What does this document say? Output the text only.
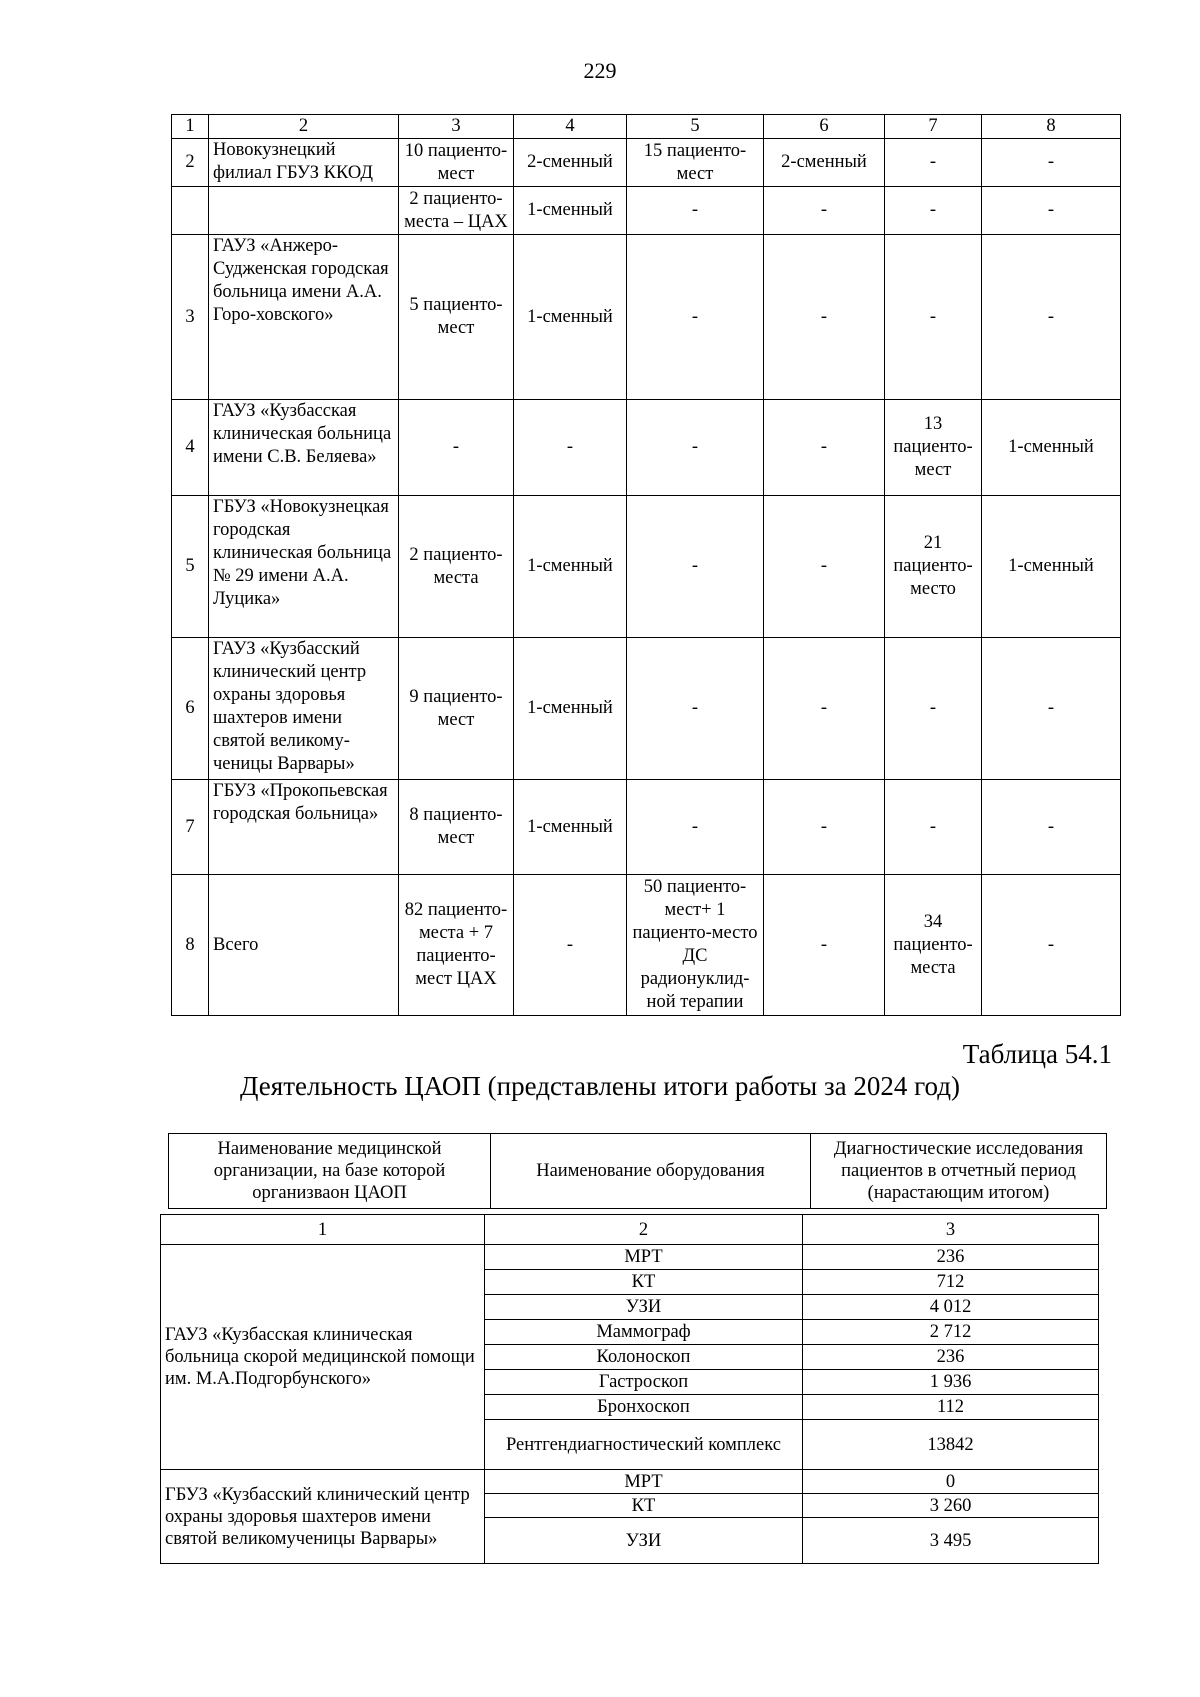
229
1	2	3	4	5	6	7	8
2	Новокузнецкий филиал ГБУЗ ККОД	10 пациенто-мест	2-сменный	15 пациенто-мест	2-сменный	-	-
		2 пациенто-места – ЦАХ	1-сменный	-	-	-	-
3	ГАУЗ «Анжеро-Судженская городская больница имени А.А. Горо-ховского»	5 пациенто-мест	1-сменный	-	-	-	-
4	ГАУЗ «Кузбасская клиническая больница имени С.В. Беляева»	-	-	-	-	13 пациенто-мест	1-сменный
5	ГБУЗ «Новокузнецкая городская клиническая больница № 29 имени А.А. Луцика»	2 пациенто-места	1-сменный	-	-	21 пациенто-место	1-сменный
6	ГАУЗ «Кузбасский клинический центр охраны здоровья шахтеров имени святой великому-ченицы Варвары»	9 пациенто-мест	1-сменный	-	-	-	-
7	ГБУЗ «Прокопьевская городская больница»	8 пациенто-мест	1-сменный	-	-	-	-
8	Всего	82 пациенто-места + 7 пациенто-мест ЦАХ	-	50 пациенто-мест+ 1 пациенто-место ДС радионуклид-ной терапии	-	34 пациенто-места	-
Таблица 54.1
Деятельность ЦАОП (представлены итоги работы за 2024 год)
Наименование медицинской организации, на базе которой организваон ЦАОП	Наименование оборудования	Диагностические исследования пациентов в отчетный период (нарастающим итогом)
1	2	3
ГАУЗ «Кузбасская клиническая больница скорой медицинской помощи им. М.А.Подгорбунского»	МРТ	236
	КТ	712
	УЗИ	4 012
	Маммограф	2 712
	Колоноскоп	236
	Гастроскоп	1 936
	Бронхоскоп	112
	Рентгендиагностический комплекс	13842
ГБУЗ «Кузбасский клинический центр охраны здоровья шахтеров имени святой великомученицы Варвары»	МРТ	0
	КТ	3 260
	УЗИ	3 495
